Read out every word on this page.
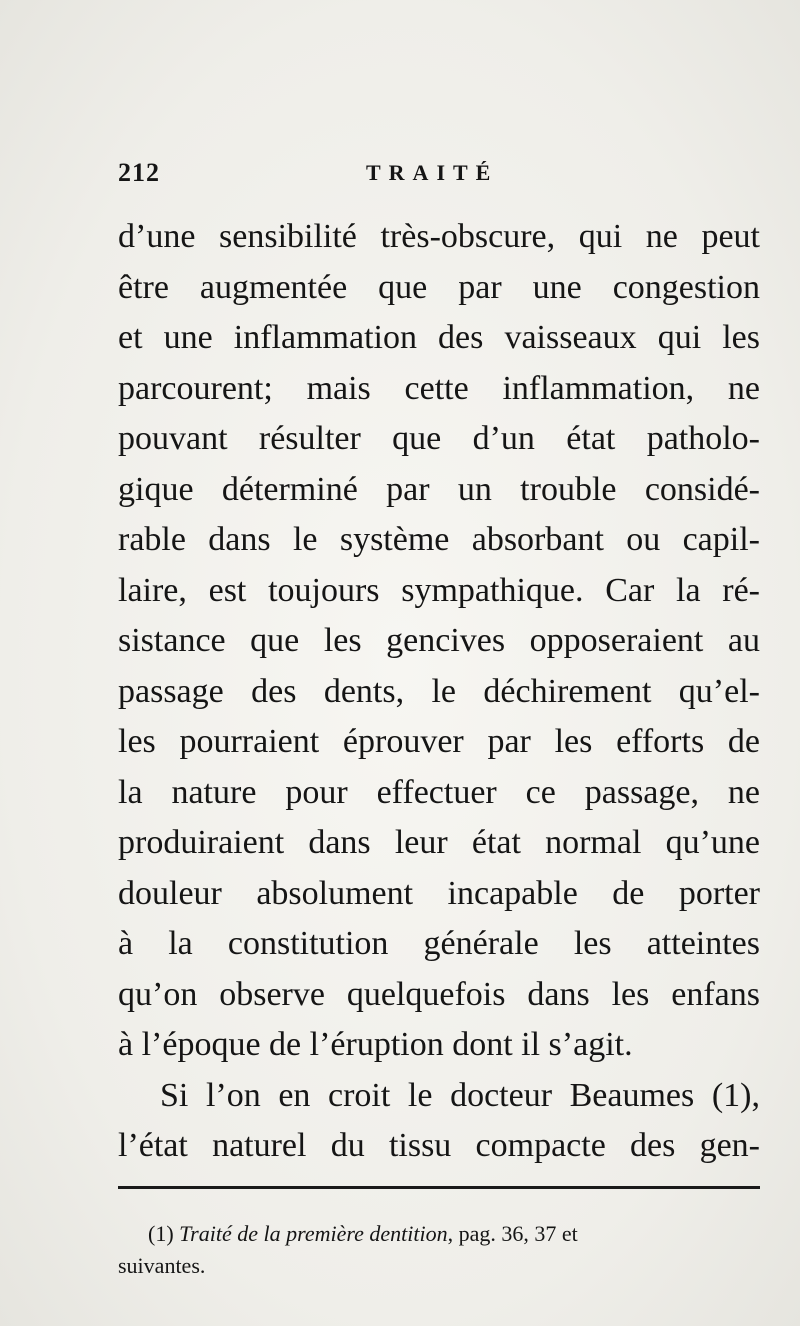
212	TRAITÉ
d’une sensibilité très-obscure, qui ne peut
être augmentée que par une congestion
et une inflammation des vaisseaux qui les
parcourent; mais cette inflammation, ne
pouvant résulter que d’un état patholo-
gique déterminé par un trouble considé-
rable dans le système absorbant ou capil-
laire, est toujours sympathique. Car la ré-
sistance que les gencives opposeraient au
passage des dents, le déchirement qu’el-
les pourraient éprouver par les efforts de
la nature pour effectuer ce passage, ne
produiraient dans leur état normal qu’une
douleur absolument incapable de porter
à la constitution générale les atteintes
qu’on observe quelquefois dans les enfans
à l’époque de l’éruption dont il s’agit.
Si l’on en croit le docteur Beaumes (1),
l’état naturel du tissu compacte des gen-
(1) Traité de la première dentition, pag. 36, 37 et
suivantes.
